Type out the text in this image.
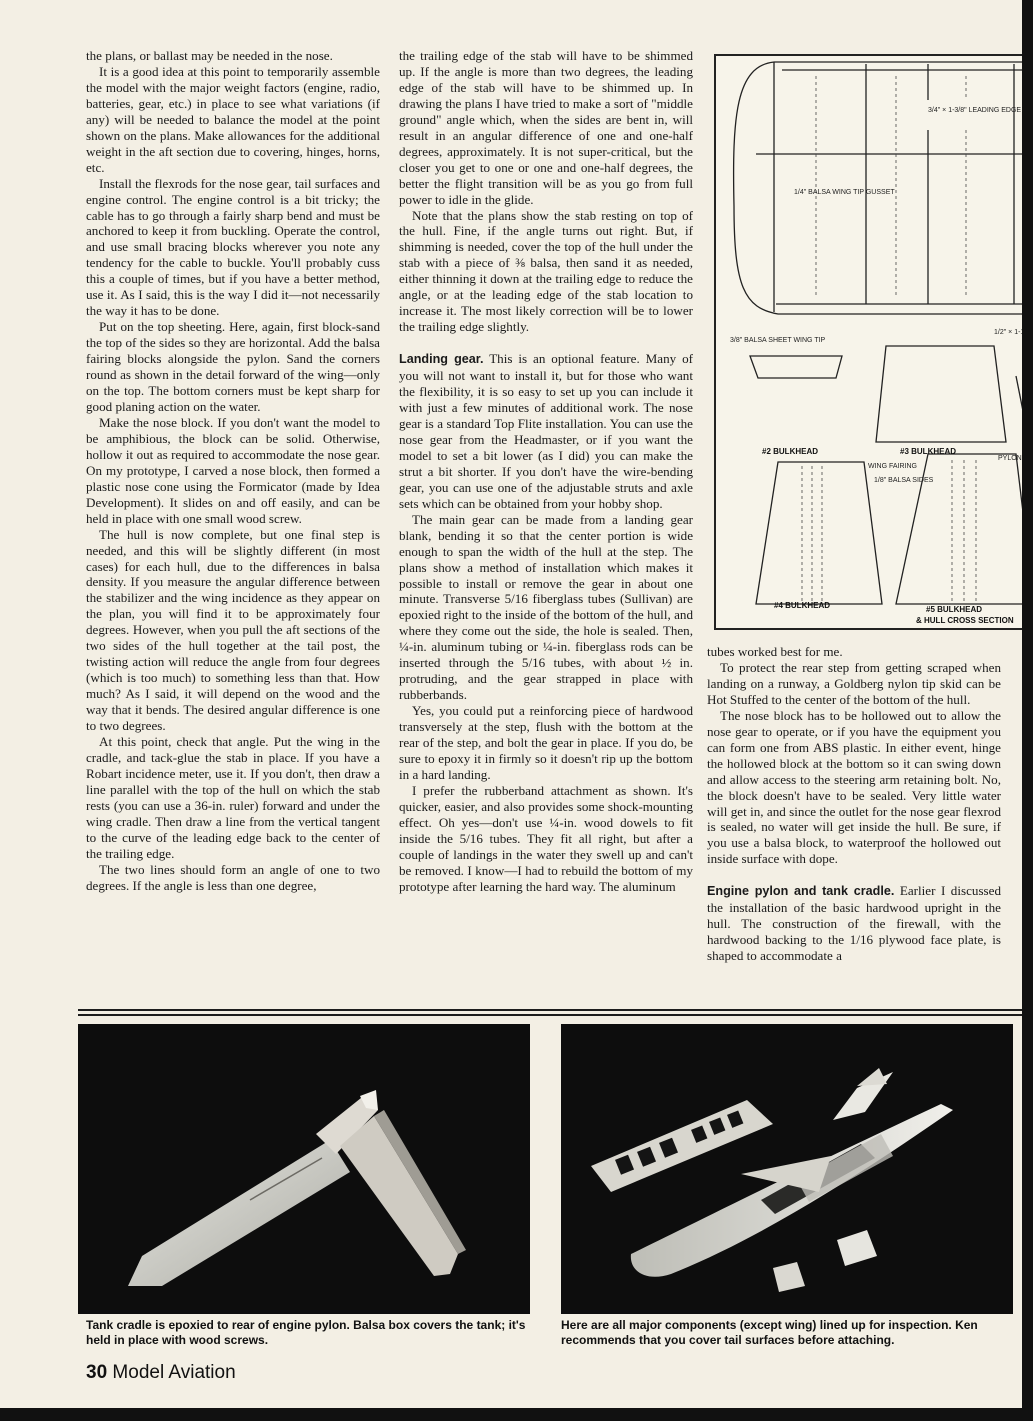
the plans, or ballast may be needed in the nose.

It is a good idea at this point to temporarily assemble the model with the major weight factors (engine, radio, batteries, gear, etc.) in place to see what variations (if any) will be needed to balance the model at the point shown on the plans. Make allowances for the additional weight in the aft section due to covering, hinges, horns, etc.

Install the flexrods for the nose gear, tail surfaces and engine control. The engine control is a bit tricky; the cable has to go through a fairly sharp bend and must be anchored to keep it from buckling. Operate the control, and use small bracing blocks wherever you note any tendency for the cable to buckle. You'll probably cuss this a couple of times, but if you have a better method, use it. As I said, this is the way I did it—not necessarily the way it has to be done.

Put on the top sheeting. Here, again, first block-sand the top of the sides so they are horizontal. Add the balsa fairing blocks alongside the pylon. Sand the corners round as shown in the detail forward of the wing—only on the top. The bottom corners must be kept sharp for good planing action on the water.

Make the nose block. If you don't want the model to be amphibious, the block can be solid. Otherwise, hollow it out as required to accommodate the nose gear. On my prototype, I carved a nose block, then formed a plastic nose cone using the Formicator (made by Idea Development). It slides on and off easily, and can be held in place with one small wood screw.

The hull is now complete, but one final step is needed, and this will be slightly different (in most cases) for each hull, due to the differences in balsa density. If you measure the angular difference between the stabilizer and the wing incidence as they appear on the plan, you will find it to be approximately four degrees. However, when you pull the aft sections of the two sides of the hull together at the tail post, the twisting action will reduce the angle from four degrees (which is too much) to something less than that. How much? As I said, it will depend on the wood and the way that it bends. The desired angular difference is one to two degrees.

At this point, check that angle. Put the wing in the cradle, and tack-glue the stab in place. If you have a Robart incidence meter, use it. If you don't, then draw a line parallel with the top of the hull on which the stab rests (you can use a 36-in. ruler) forward and under the wing cradle. Then draw a line from the vertical tangent to the curve of the leading edge back to the center of the trailing edge.

The two lines should form an angle of one to two degrees. If the angle is less than one degree,

the trailing edge of the stab will have to be shimmed up. If the angle is more than two degrees, the leading edge of the stab will have to be shimmed up. In drawing the plans I have tried to make a sort of "middle ground" angle which, when the sides are bent in, will result in an angular difference of one and one-half degrees, approximately. It is not super-critical, but the closer you get to one or one and one-half degrees, the better the flight transition will be as you go from full power to idle in the glide.

Note that the plans show the stab resting on top of the hull. Fine, if the angle turns out right. But, if shimming is needed, cover the top of the hull under the stab with a piece of ⅜ balsa, then sand it as needed, either thinning it down at the trailing edge to reduce the angle, or at the leading edge of the stab location to increase it. The most likely correction will be to lower the trailing edge slightly.

Landing gear. This is an optional feature. Many of you will not want to install it, but for those who want the flexibility, it is so easy to set up you can include it with just a few minutes of additional work. The nose gear is a standard Top Flite installation. You can use the nose gear from the Headmaster, or if you want the model to set a bit lower (as I did) you can make the strut a bit shorter. If you don't have the wire-bending gear, you can use one of the adjustable struts and axle sets which can be obtained from your hobby shop.

The main gear can be made from a landing gear blank, bending it so that the center portion is wide enough to span the width of the hull at the step. The plans show a method of installation which makes it possible to install or remove the gear in about one minute. Transverse 5/16 fiberglass tubes (Sullivan) are epoxied right to the inside of the bottom of the hull, and where they come out the side, the hole is sealed. Then, ¼-in. aluminum tubing or ¼-in. fiberglass rods can be inserted through the 5/16 tubes, with about ½ in. protruding, and the gear strapped in place with rubberbands.

Yes, you could put a reinforcing piece of hardwood transversely at the step, flush with the bottom at the rear of the step, and bolt the gear in place. If you do, be sure to epoxy it in firmly so it doesn't rip up the bottom in a hard landing.

I prefer the rubberband attachment as shown. It's quicker, easier, and also provides some shock-mounting effect. Oh yes—don't use ¼-in. wood dowels to fit inside the 5/16 tubes. They fit all right, but after a couple of landings in the water they swell up and can't be removed. I know—I had to rebuild the bottom of my prototype after learning the hard way. The aluminum

3/4" × 1-3/8" LEADING EDGE
1/4" BALSA WING TIP GUSSET
3/8" BALSA SHEET WING TIP
1/2" × 1-1/4
#2 BULKHEAD	#3 BULKHEAD
PYLON
WING FAIRING
1/8" BALSA SIDES
#4 BULKHEAD	#5 BULKHEAD
& HULL CROSS SECTION

tubes worked best for me.

To protect the rear step from getting scraped when landing on a runway, a Goldberg nylon tip skid can be Hot Stuffed to the center of the bottom of the hull.

The nose block has to be hollowed out to allow the nose gear to operate, or if you have the equipment you can form one from ABS plastic. In either event, hinge the hollowed block at the bottom so it can swing down and allow access to the steering arm retaining bolt. No, the block doesn't have to be sealed. Very little water will get in, and since the outlet for the nose gear flexrod is sealed, no water will get inside the hull. Be sure, if you use a balsa block, to waterproof the hollowed out inside surface with dope.

Engine pylon and tank cradle. Earlier I discussed the installation of the basic hardwood upright in the hull. The construction of the firewall, with the hardwood backing to the 1/16 plywood face plate, is shaped to accommodate a

Tank cradle is epoxied to rear of engine pylon. Balsa box covers the tank; it's held in place with wood screws.
Here are all major components (except wing) lined up for inspection. Ken recommends that you cover tail surfaces before attaching.
30 Model Aviation
